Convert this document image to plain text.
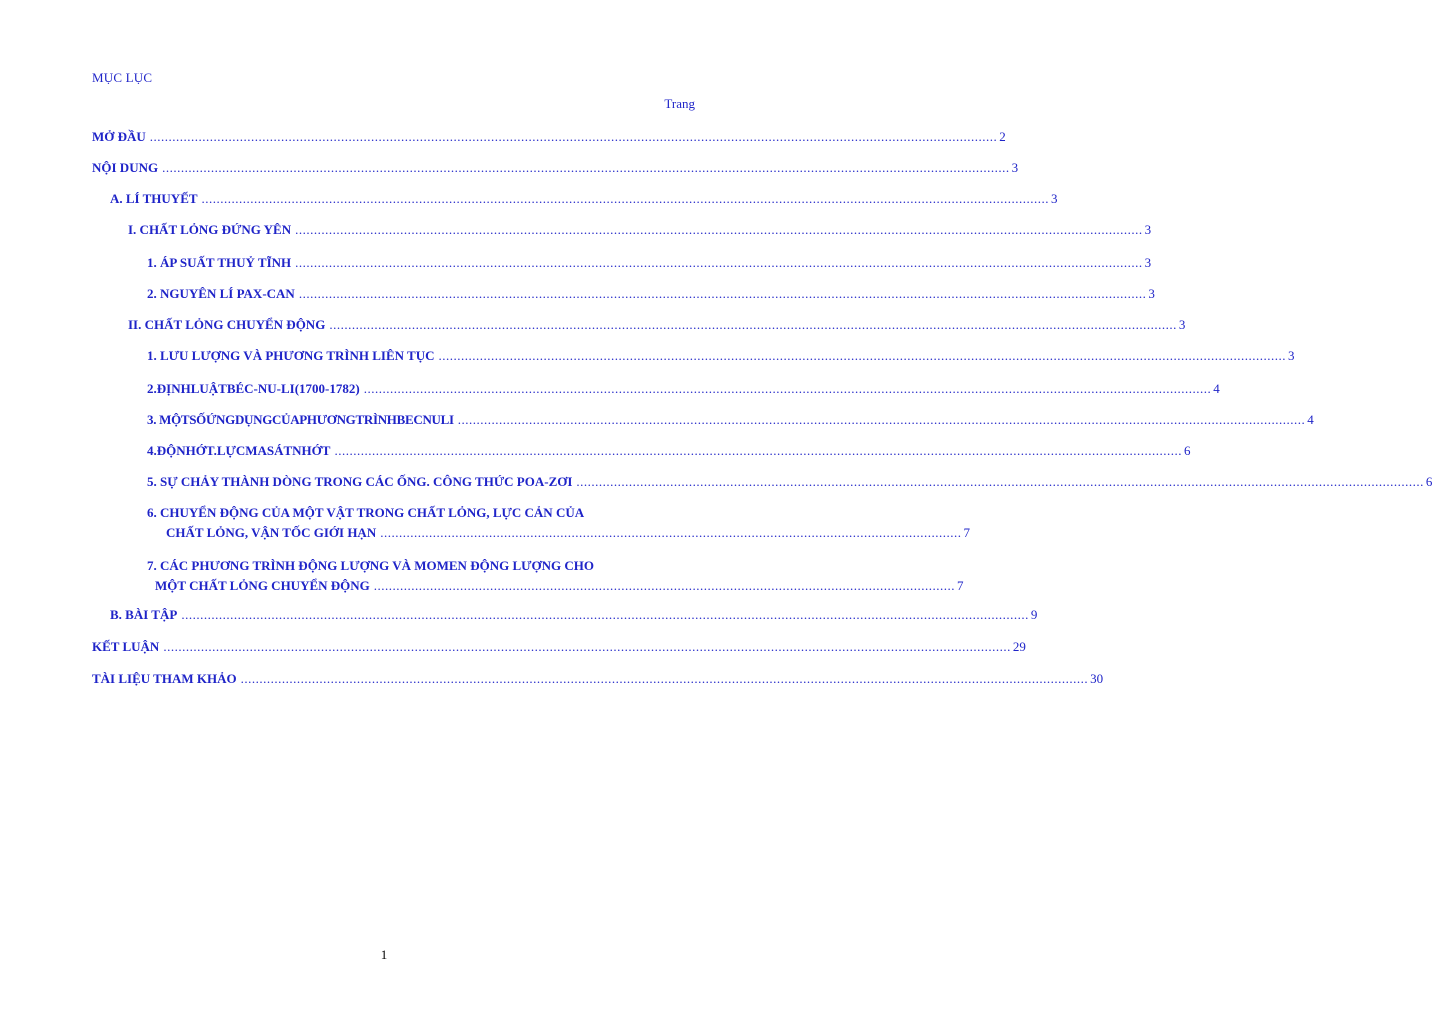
MỤC LỤC
Trang
MỞ ĐẦU .....	2
NỘI DUNG .....	3
A. LÍ THUYẾT .....	3
I. CHẤT LỎNG ĐỨNG YÊN .....	3
1. ÁP SUẤT THUỶ TĨNH .....	3
2. NGUYÊN LÍ PAX-CAN .....	3
II. CHẤT LỎNG CHUYỂN ĐỘNG .....	3
1. LƯU LƯỢNG VÀ PHƯƠNG TRÌNH LIÊN TỤC .....	3
2.ĐỊNHLUẬTBÉC-NU-LI(1700-1782) .....	4
3. MỘTSỐỨNGDỤNGCỦAPHƯƠNGTRÌNHBECNULI .....	4
4.ĐỘNHỚT.LỰCMASÁTNHỚT .....	6
5. SỰ CHẢY THÀNH DÒNG TRONG CÁC ỐNG. CÔNG THỨC POA-ZƠI .....	6
6. CHUYỂN ĐỘNG CỦA MỘT VẬT TRONG CHẤT LỎNG, LỰC CẢN CỦA
CHẤT LỎNG, VẬN TỐC GIỚI HẠN ........................................................................................................................................................... 7
7. CÁC PHƯƠNG TRÌNH ĐỘNG LƯỢNG VÀ MOMEN ĐỘNG LƯỢNG CHO
MỘT CHẤT LỎNG CHUYỂN ĐỘNG ........................................................................................................................................................... 7
B. BÀI TẬP .....	9
KẾT LUẬN .....	29
TÀI LIỆU THAM KHẢO .....	30
1
